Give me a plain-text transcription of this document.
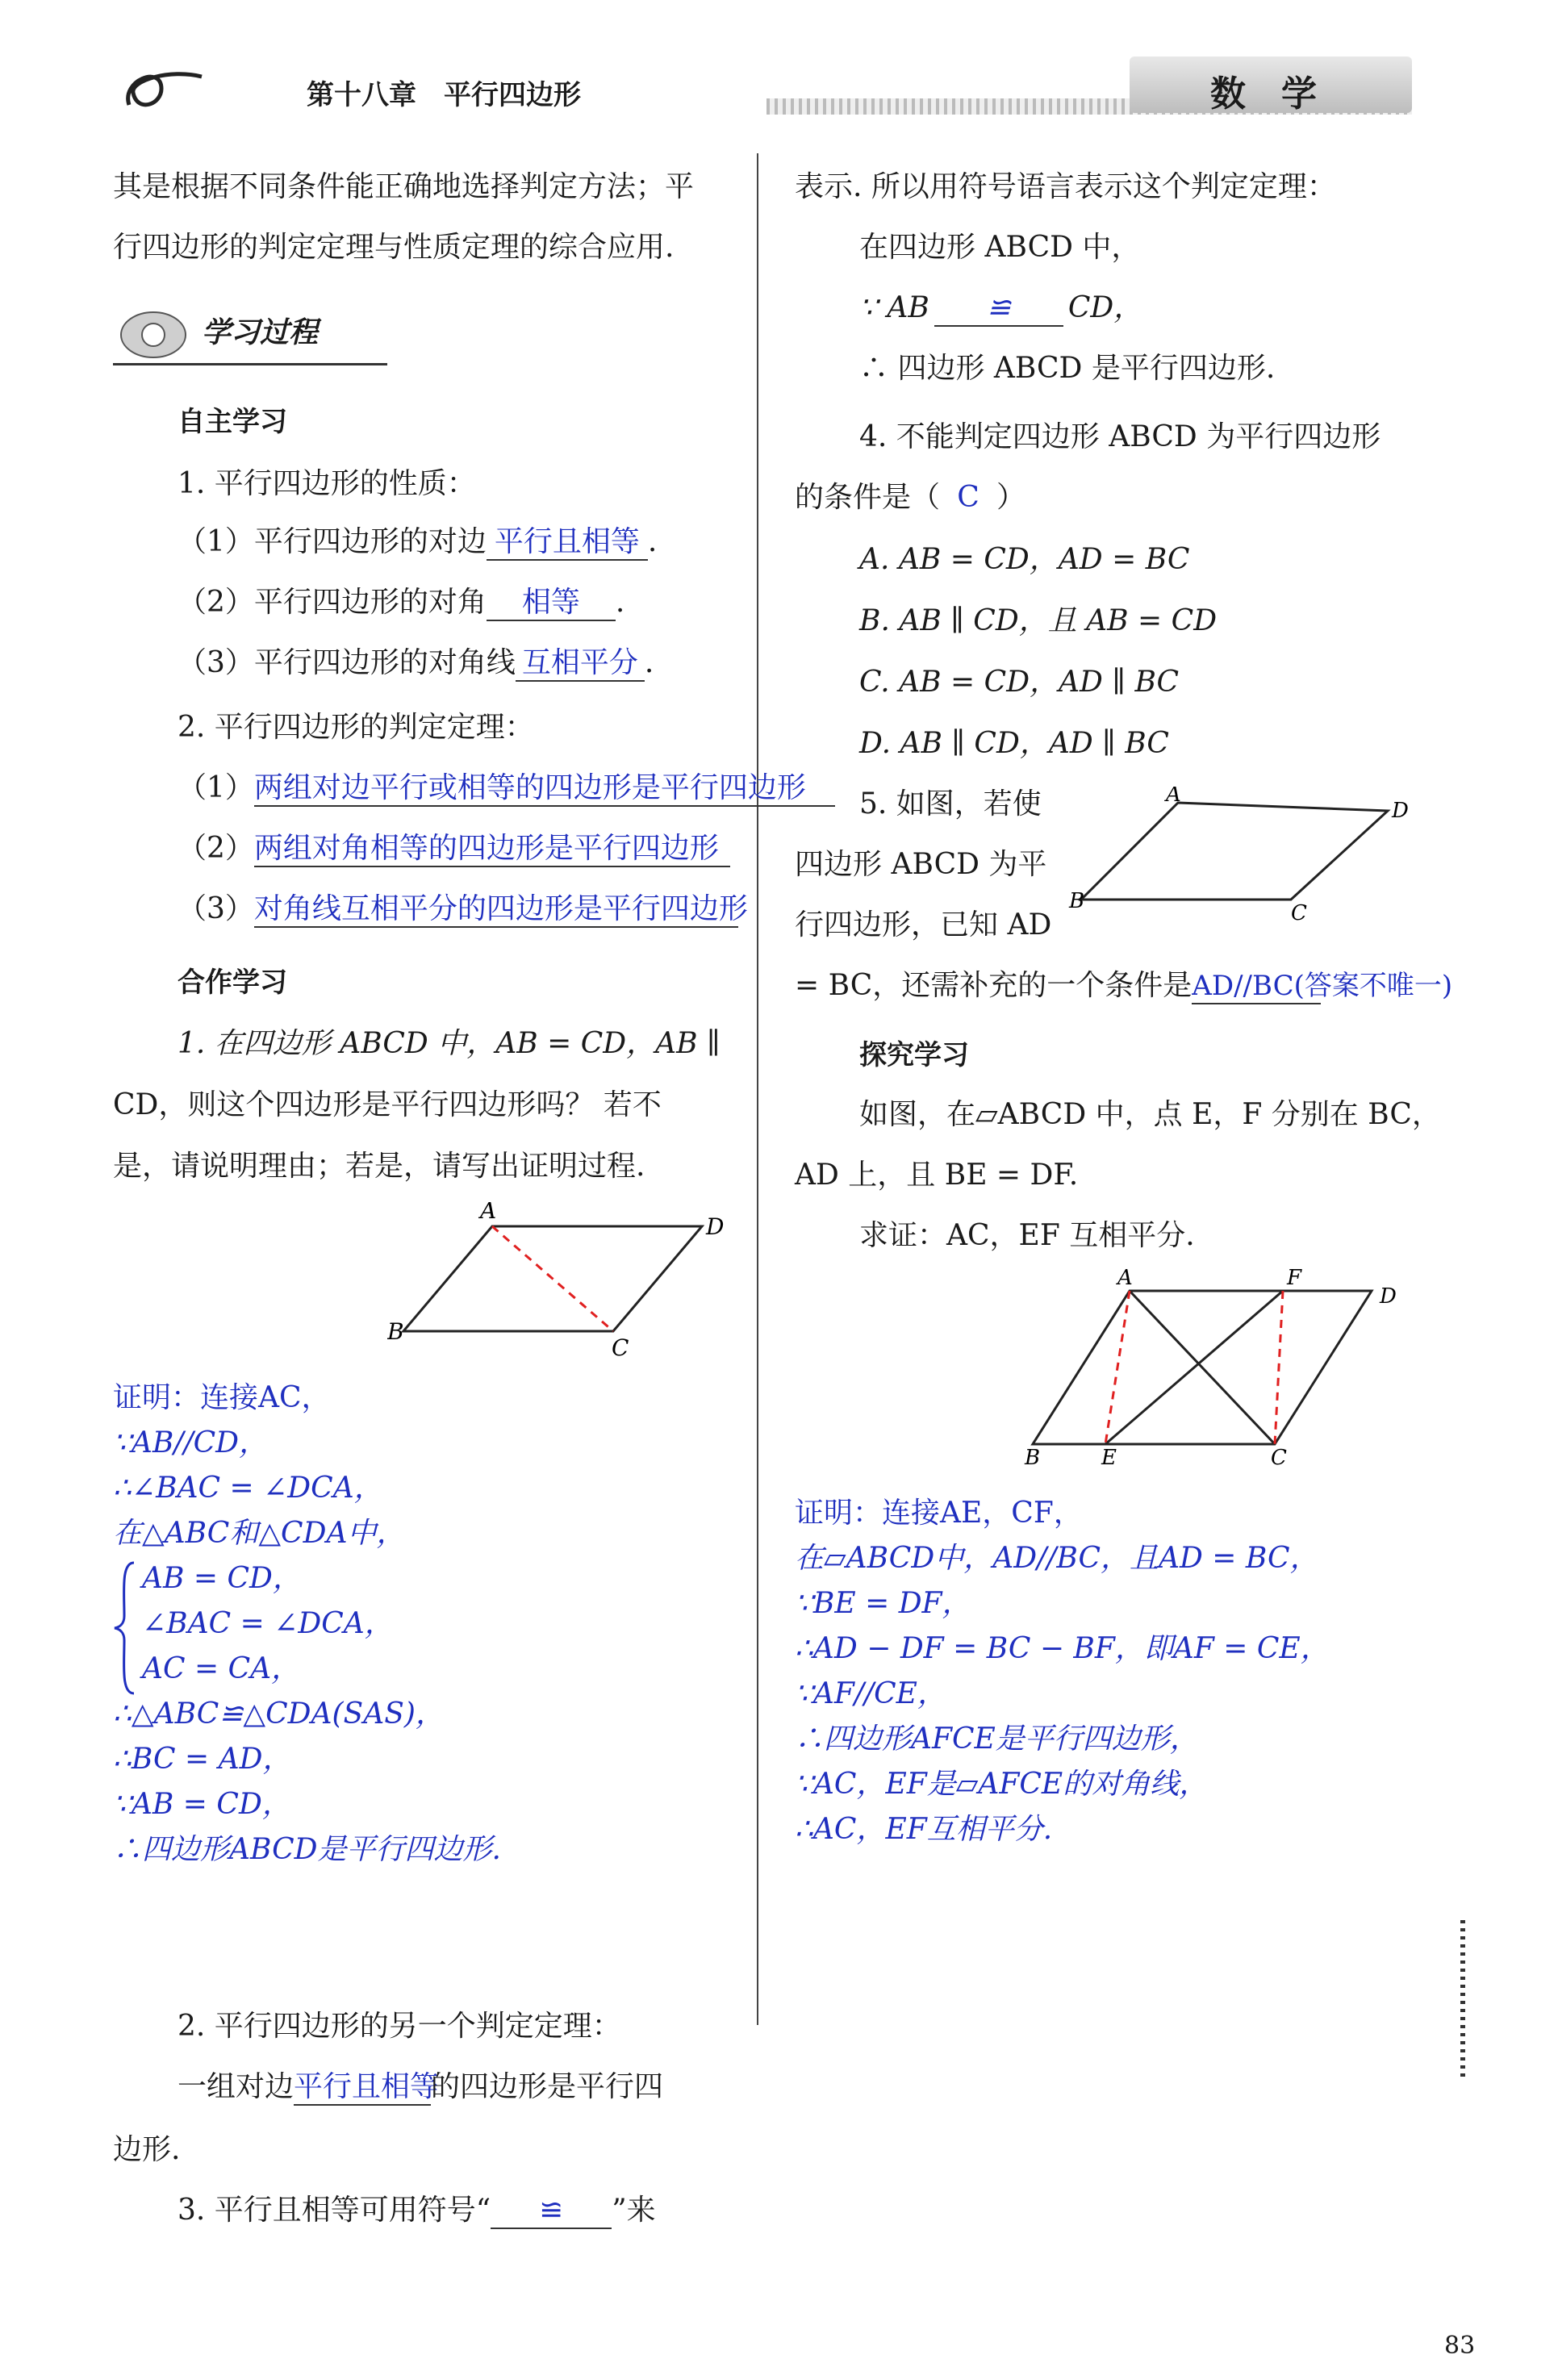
第十八章　平行四边形	数　学
其是根据不同条件能正确地选择判定方法；平
行四边形的判定定理与性质定理的综合应用.
学习过程
自主学习
1. 平行四边形的性质：
（1）平行四边形的对边 平行且相等 .
（2）平行四边形的对角 相等 .
（3）平行四边形的对角线 互相平分 .
2. 平行四边形的判定定理：
（1）两组对边平行或相等的四边形是平行四边形
（2）两组对角相等的四边形是平行四边形
（3）对角线互相平分的四边形是平行四边形
合作学习
1. 在四边形 ABCD 中，AB = CD，AB ∥
CD，则这个四边形是平行四边形吗？ 若不
是，请说明理由；若是，请写出证明过程.
A
D
B
C
证明：连接AC，
∵AB//CD，
∴∠BAC = ∠DCA，
在△ABC和△CDA中，
AB = CD，
∠BAC = ∠DCA，
AC = CA，
∴△ABC≌△CDA(SAS)，
∴BC = AD，
∵AB = CD，
∴四边形ABCD是平行四边形.
2. 平行四边形的另一个判定定理：
一组对边平行且相等的四边形是平行四
边形.
3. 平行且相等可用符号“ ≌ ”来
表示. 所以用符号语言表示这个判定定理：
在四边形 ABCD 中，
∵ AB ≌ CD，
∴ 四边形 ABCD 是平行四边形.
4. 不能判定四边形 ABCD 为平行四边形
的条件是（ C ）
A. AB = CD，AD = BC
B. AB ∥ CD，且 AB = CD
C. AB = CD，AD ∥ BC
D. AB ∥ CD，AD ∥ BC
5. 如图，若使
四边形 ABCD 为平
行四边形，已知 AD
= BC，还需补充的一个条件是AD//BC(答案不唯一)
A
D
B	C
探究学习
如图，在▱ABCD 中，点 E，F 分别在 BC，
AD 上，且 BE = DF.
求证：AC，EF 互相平分.
A	F
D
B	E	C
证明：连接AE，CF，
在▱ABCD中，AD//BC，且AD = BC，
∵BE = DF，
∴AD − DF = BC − BF，即AF = CE，
∵AF//CE，
∴四边形AFCE是平行四边形，
∵AC，EF是▱AFCE的对角线，
∴AC，EF互相平分.
83
